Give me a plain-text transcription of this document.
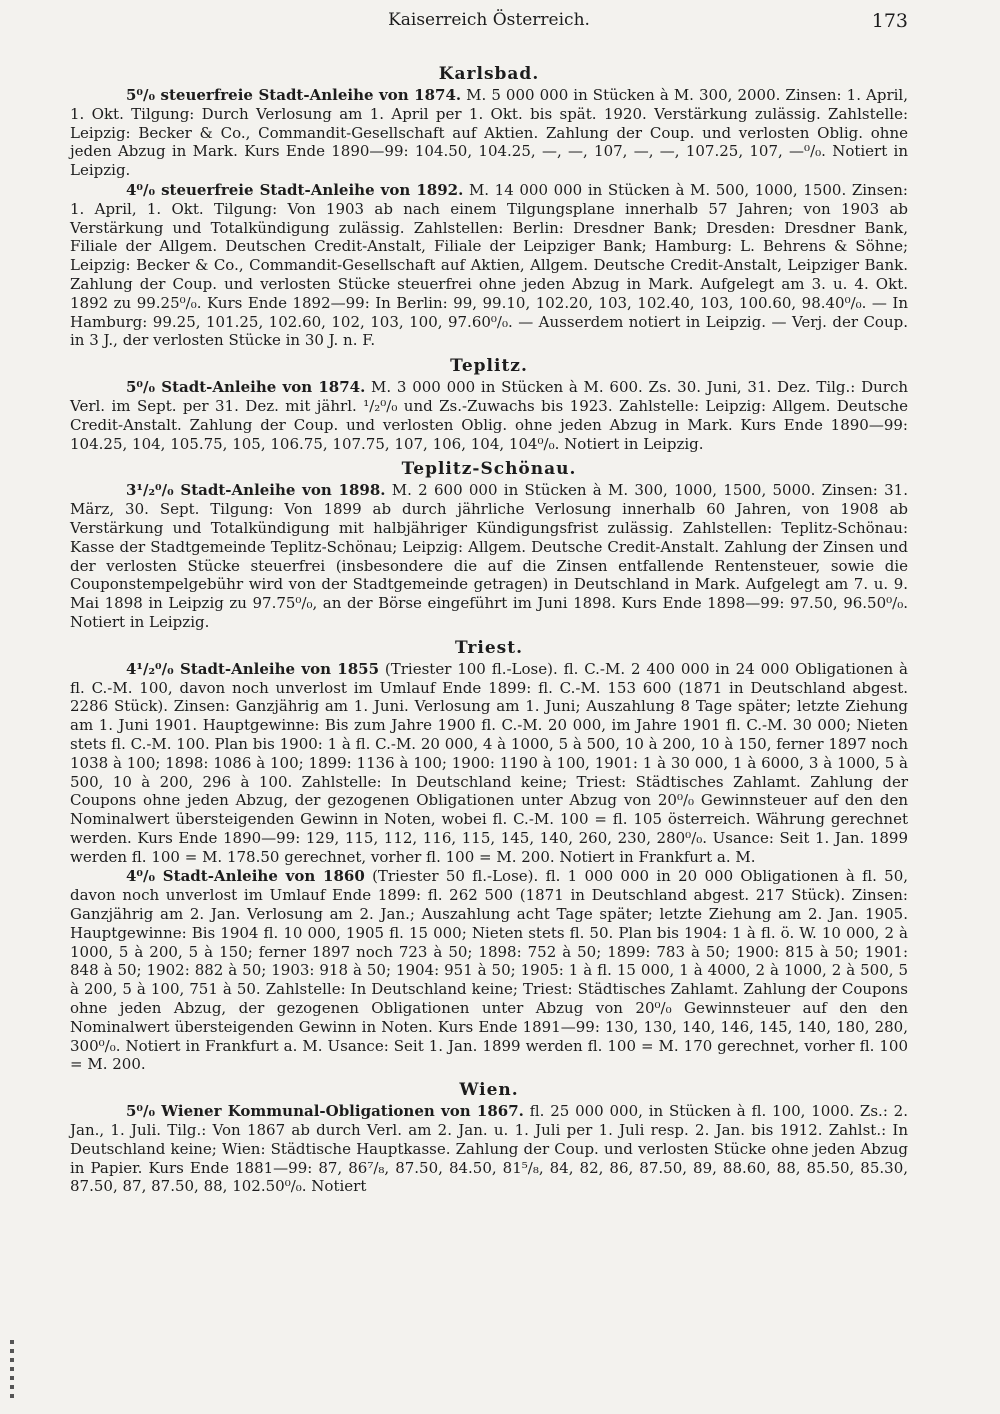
Kaiserreich Österreich.	173
Karlsbad.

5⁰/₀ steuerfreie Stadt-Anleihe von 1874. M. 5 000 000 in Stücken à M. 300, 2000. Zinsen: 1. April, 1. Okt. Tilgung: Durch Verlosung am 1. April per 1. Okt. bis spät. 1920. Verstärkung zulässig. Zahlstelle: Leipzig: Becker & Co., Commandit-Gesellschaft auf Aktien. Zahlung der Coup. und verlosten Oblig. ohne jeden Abzug in Mark. Kurs Ende 1890—99: 104.50, 104.25, —, —, 107, —, —, 107.25, 107, —⁰/₀. Notiert in Leipzig.

4⁰/₀ steuerfreie Stadt-Anleihe von 1892. M. 14 000 000 in Stücken à M. 500, 1000, 1500. Zinsen: 1. April, 1. Okt. Tilgung: Von 1903 ab nach einem Tilgungsplane innerhalb 57 Jahren; von 1903 ab Verstärkung und Totalkündigung zulässig. Zahlstellen: Berlin: Dresdner Bank; Dresden: Dresdner Bank, Filiale der Allgem. Deutschen Credit-Anstalt, Filiale der Leipziger Bank; Hamburg: L. Behrens & Söhne; Leipzig: Becker & Co., Commandit-Gesellschaft auf Aktien, Allgem. Deutsche Credit-Anstalt, Leipziger Bank. Zahlung der Coup. und verlosten Stücke steuerfrei ohne jeden Abzug in Mark. Aufgelegt am 3. u. 4. Okt. 1892 zu 99.25⁰/₀. Kurs Ende 1892—99: In Berlin: 99, 99.10, 102.20, 103, 102.40, 103, 100.60, 98.40⁰/₀. — In Hamburg: 99.25, 101.25, 102.60, 102, 103, 100, 97.60⁰/₀. — Ausserdem notiert in Leipzig. — Verj. der Coup. in 3 J., der verlosten Stücke in 30 J. n. F.

Teplitz.

5⁰/₀ Stadt-Anleihe von 1874. M. 3 000 000 in Stücken à M. 600. Zs. 30. Juni, 31. Dez. Tilg.: Durch Verl. im Sept. per 31. Dez. mit jährl. ¹/₂⁰/₀ und Zs.-Zuwachs bis 1923. Zahlstelle: Leipzig: Allgem. Deutsche Credit-Anstalt. Zahlung der Coup. und verlosten Oblig. ohne jeden Abzug in Mark. Kurs Ende 1890—99: 104.25, 104, 105.75, 105, 106.75, 107.75, 107, 106, 104, 104⁰/₀. Notiert in Leipzig.

Teplitz-Schönau.

3¹/₂⁰/₀ Stadt-Anleihe von 1898. M. 2 600 000 in Stücken à M. 300, 1000, 1500, 5000. Zinsen: 31. März, 30. Sept. Tilgung: Von 1899 ab durch jährliche Verlosung innerhalb 60 Jahren, von 1908 ab Verstärkung und Totalkündigung mit halbjähriger Kündigungsfrist zulässig. Zahlstellen: Teplitz-Schönau: Kasse der Stadtgemeinde Teplitz-Schönau; Leipzig: Allgem. Deutsche Credit-Anstalt. Zahlung der Zinsen und der verlosten Stücke steuerfrei (insbesondere die auf die Zinsen entfallende Rentensteuer, sowie die Couponstempelgebühr wird von der Stadtgemeinde getragen) in Deutschland in Mark. Aufgelegt am 7. u. 9. Mai 1898 in Leipzig zu 97.75⁰/₀, an der Börse eingeführt im Juni 1898. Kurs Ende 1898—99: 97.50, 96.50⁰/₀. Notiert in Leipzig.

Triest.

4¹/₂⁰/₀ Stadt-Anleihe von 1855 (Triester 100 fl.-Lose). fl. C.-M. 2 400 000 in 24 000 Obligationen à fl. C.-M. 100, davon noch unverlost im Umlauf Ende 1899: fl. C.-M. 153 600 (1871 in Deutschland abgest. 2286 Stück). Zinsen: Ganzjährig am 1. Juni. Verlosung am 1. Juni; Auszahlung 8 Tage später; letzte Ziehung am 1. Juni 1901. Hauptgewinne: Bis zum Jahre 1900 fl. C.-M. 20 000, im Jahre 1901 fl. C.-M. 30 000; Nieten stets fl. C.-M. 100. Plan bis 1900: 1 à fl. C.-M. 20 000, 4 à 1000, 5 à 500, 10 à 200, 10 à 150, ferner 1897 noch 1038 à 100; 1898: 1086 à 100; 1899: 1136 à 100; 1900: 1190 à 100, 1901: 1 à 30 000, 1 à 6000, 3 à 1000, 5 à 500, 10 à 200, 296 à 100. Zahlstelle: In Deutschland keine; Triest: Städtisches Zahlamt. Zahlung der Coupons ohne jeden Abzug, der gezogenen Obligationen unter Abzug von 20⁰/₀ Gewinnsteuer auf den den Nominalwert übersteigenden Gewinn in Noten, wobei fl. C.-M. 100 = fl. 105 österreich. Währung gerechnet werden. Kurs Ende 1890—99: 129, 115, 112, 116, 115, 145, 140, 260, 230, 280⁰/₀. Usance: Seit 1. Jan. 1899 werden fl. 100 = M. 178.50 gerechnet, vorher fl. 100 = M. 200. Notiert in Frankfurt a. M.

4⁰/₀ Stadt-Anleihe von 1860 (Triester 50 fl.-Lose). fl. 1 000 000 in 20 000 Obligationen à fl. 50, davon noch unverlost im Umlauf Ende 1899: fl. 262 500 (1871 in Deutschland abgest. 217 Stück). Zinsen: Ganzjährig am 2. Jan. Verlosung am 2. Jan.; Auszahlung acht Tage später; letzte Ziehung am 2. Jan. 1905. Hauptgewinne: Bis 1904 fl. 10 000, 1905 fl. 15 000; Nieten stets fl. 50. Plan bis 1904: 1 à fl. ö. W. 10 000, 2 à 1000, 5 à 200, 5 à 150; ferner 1897 noch 723 à 50; 1898: 752 à 50; 1899: 783 à 50; 1900: 815 à 50; 1901: 848 à 50; 1902: 882 à 50; 1903: 918 à 50; 1904: 951 à 50; 1905: 1 à fl. 15 000, 1 à 4000, 2 à 1000, 2 à 500, 5 à 200, 5 à 100, 751 à 50. Zahlstelle: In Deutschland keine; Triest: Städtisches Zahlamt. Zahlung der Coupons ohne jeden Abzug, der gezogenen Obligationen unter Abzug von 20⁰/₀ Gewinnsteuer auf den den Nominalwert übersteigenden Gewinn in Noten. Kurs Ende 1891—99: 130, 130, 140, 146, 145, 140, 180, 280, 300⁰/₀. Notiert in Frankfurt a. M. Usance: Seit 1. Jan. 1899 werden fl. 100 = M. 170 gerechnet, vorher fl. 100 = M. 200.

Wien.

5⁰/₀ Wiener Kommunal-Obligationen von 1867. fl. 25 000 000, in Stücken à fl. 100, 1000. Zs.: 2. Jan., 1. Juli. Tilg.: Von 1867 ab durch Verl. am 2. Jan. u. 1. Juli per 1. Juli resp. 2. Jan. bis 1912. Zahlst.: In Deutschland keine; Wien: Städtische Hauptkasse. Zahlung der Coup. und verlosten Stücke ohne jeden Abzug in Papier. Kurs Ende 1881—99: 87, 86⁷/₈, 87.50, 84.50, 81⁵/₈, 84, 82, 86, 87.50, 89, 88.60, 88, 85.50, 85.30, 87.50, 87, 87.50, 88, 102.50⁰/₀. Notiert
